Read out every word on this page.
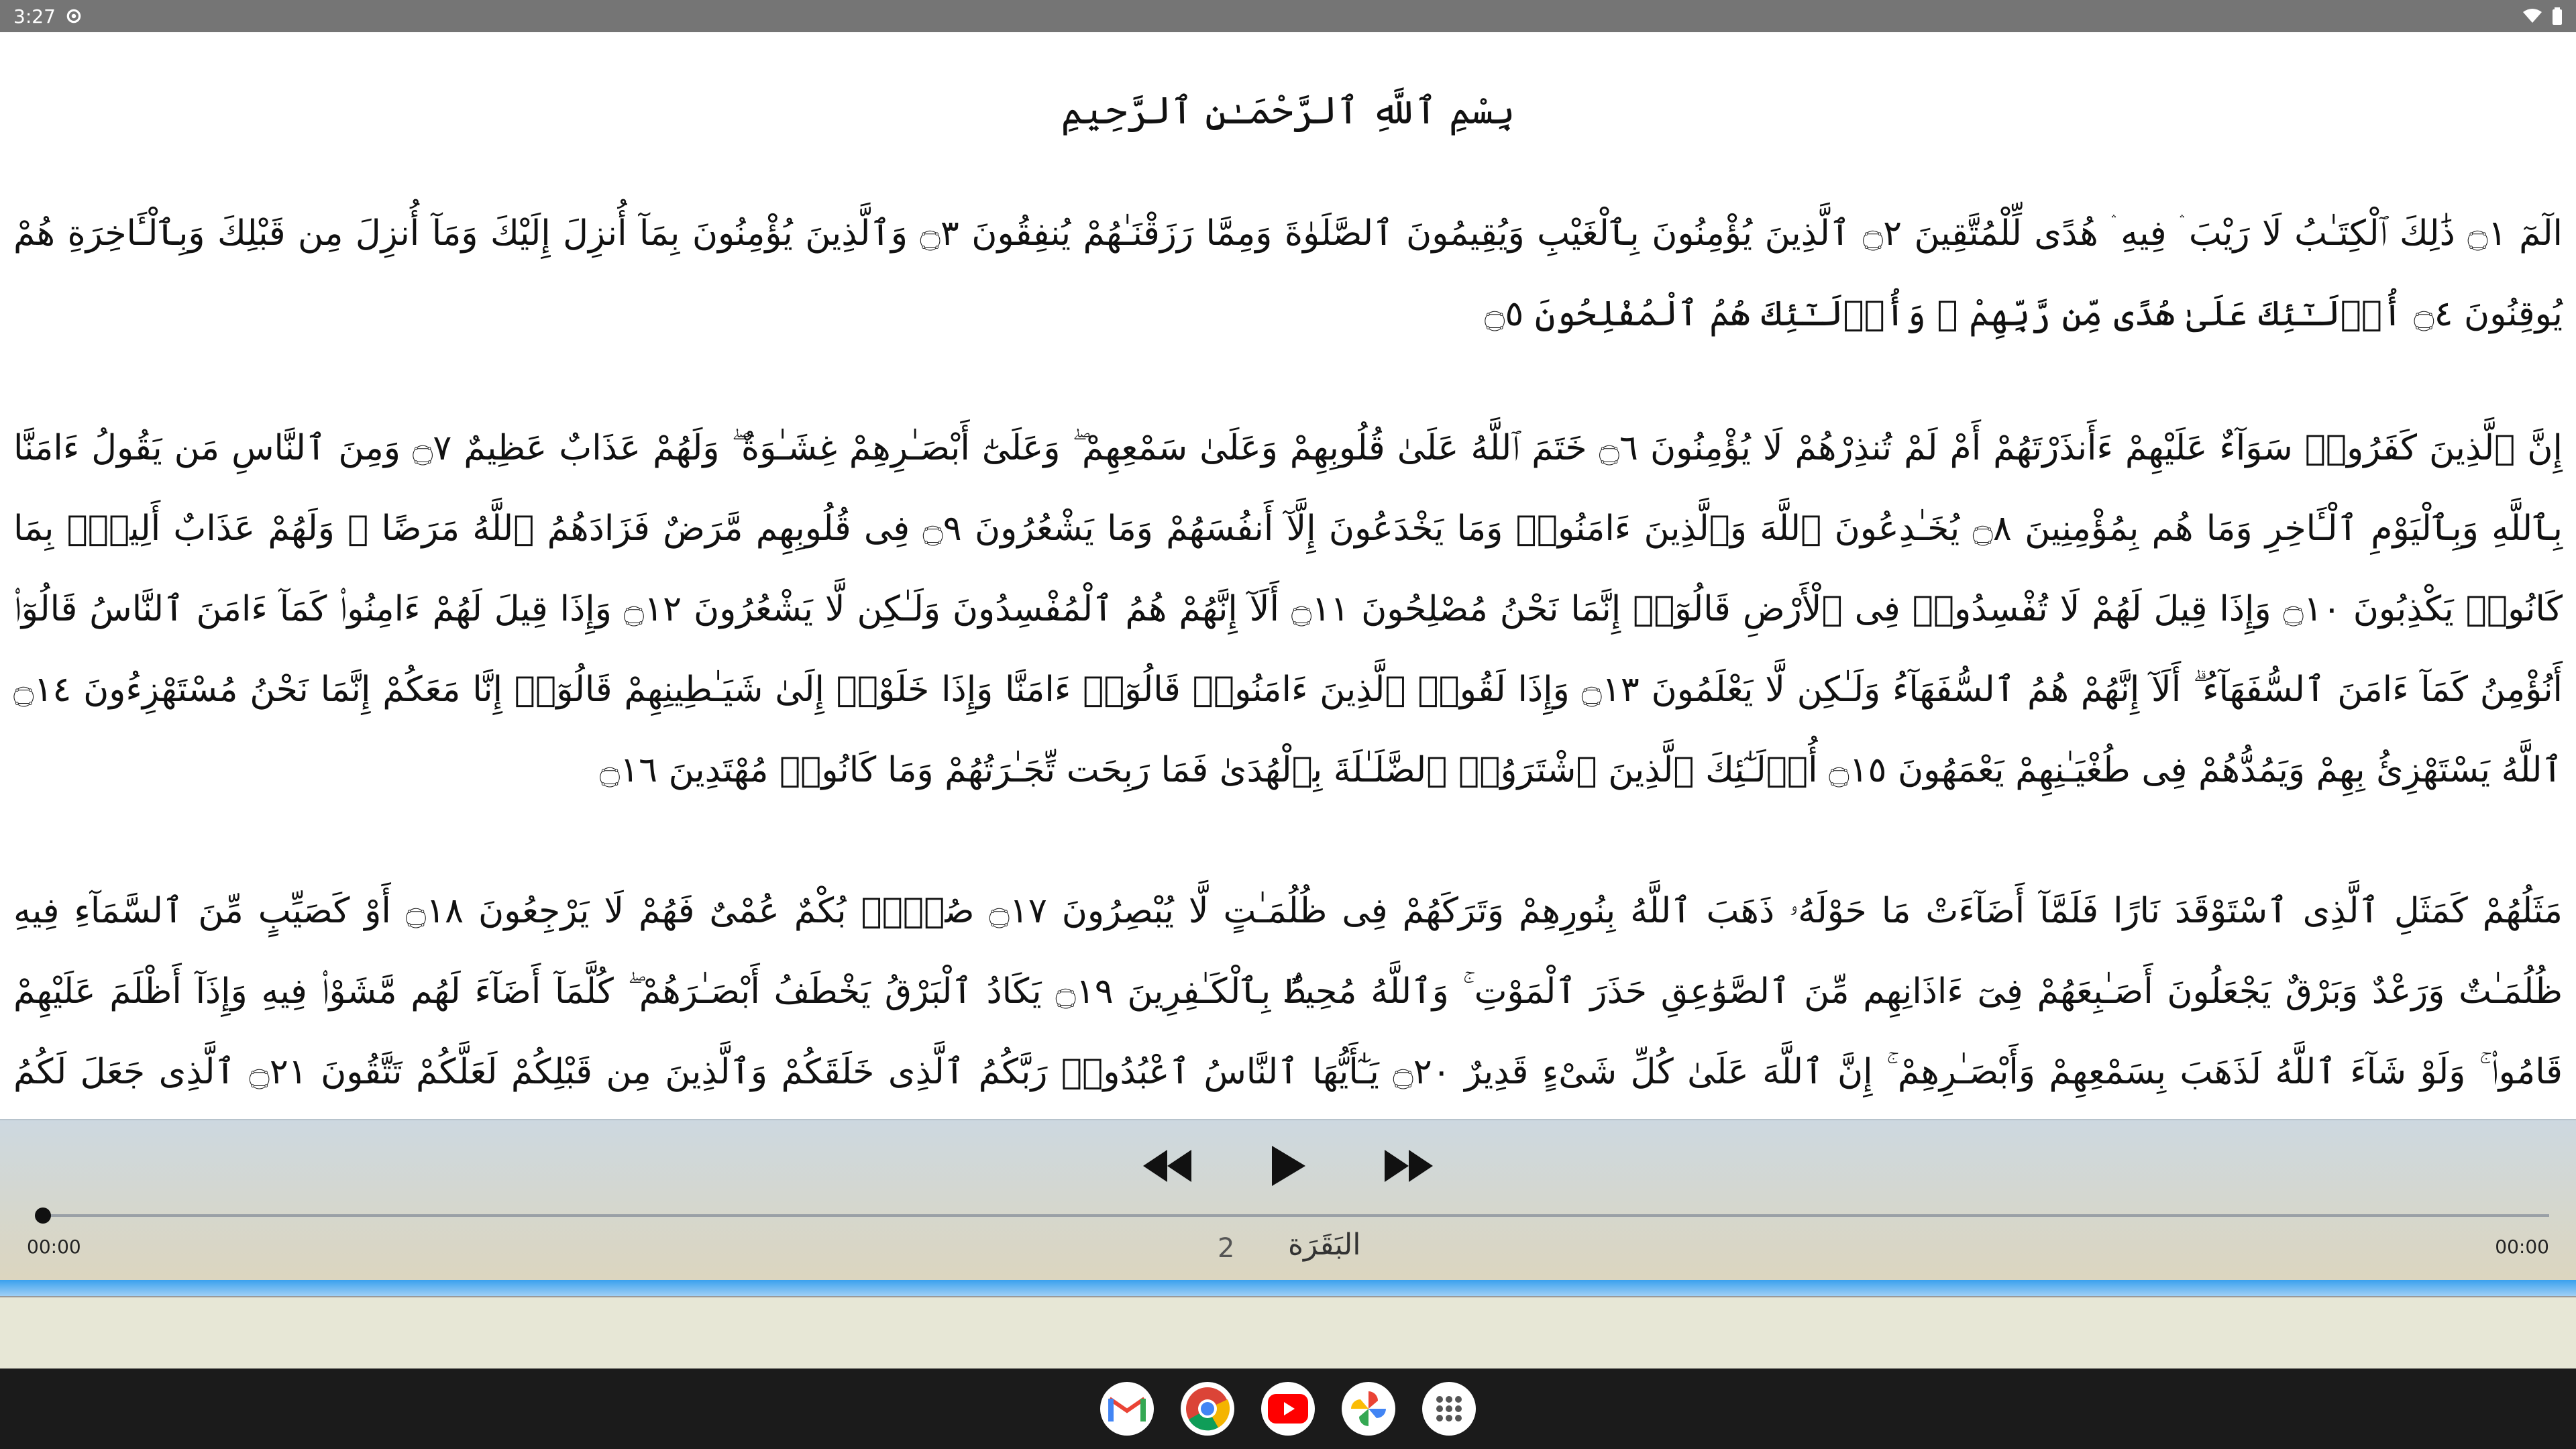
3:27
بِسْمِ ٱللَّهِ ٱلرَّحْمَـٰنِ ٱلرَّحِيمِ
الٓمٓ ۝١ ذَٰلِكَ ٱلْكِتَـٰبُ لَا رَيْبَ ۛ فِيهِ ۛ هُدًى لِّلْمُتَّقِينَ ۝٢ ٱلَّذِينَ يُؤْمِنُونَ بِٱلْغَيْبِ وَيُقِيمُونَ ٱلصَّلَوٰةَ وَمِمَّا رَزَقْنَـٰهُمْ يُنفِقُونَ ۝٣ وَٱلَّذِينَ يُؤْمِنُونَ بِمَآ أُنزِلَ إِلَيْكَ وَمَآ أُنزِلَ مِن قَبْلِكَ وَبِٱلْـَٔاخِرَةِ هُمْ يُوقِنُونَ ۝٤ أُو۟لَـٰٓئِكَ عَلَىٰ هُدًى مِّن رَّبِّهِمْ ۖ وَأُو۟لَـٰٓئِكَ هُمُ ٱلْمُفْلِحُونَ ۝٥
إِنَّ ٱلَّذِينَ كَفَرُوا۟ سَوَآءٌ عَلَيْهِمْ ءَأَنذَرْتَهُمْ أَمْ لَمْ تُنذِرْهُمْ لَا يُؤْمِنُونَ ۝٦ خَتَمَ ٱللَّهُ عَلَىٰ قُلُوبِهِمْ وَعَلَىٰ سَمْعِهِمْ ۖ وَعَلَىٰٓ أَبْصَـٰرِهِمْ غِشَـٰوَةٌ ۖ وَلَهُمْ عَذَابٌ عَظِيمٌ ۝٧ وَمِنَ ٱلنَّاسِ مَن يَقُولُ ءَامَنَّا بِٱللَّهِ وَبِٱلْيَوْمِ ٱلْـَٔاخِرِ وَمَا هُم بِمُؤْمِنِينَ ۝٨ يُخَـٰدِعُونَ ٱللَّهَ وَٱلَّذِينَ ءَامَنُوا۟ وَمَا يَخْدَعُونَ إِلَّآ أَنفُسَهُمْ وَمَا يَشْعُرُونَ ۝٩ فِى قُلُوبِهِم مَّرَضٌ فَزَادَهُمُ ٱللَّهُ مَرَضًا ۖ وَلَهُمْ عَذَابٌ أَلِيمٌۢ بِمَا كَانُوا۟ يَكْذِبُونَ ۝١٠ وَإِذَا قِيلَ لَهُمْ لَا تُفْسِدُوا۟ فِى ٱلْأَرْضِ قَالُوٓا۟ إِنَّمَا نَحْنُ مُصْلِحُونَ ۝١١ أَلَآ إِنَّهُمْ هُمُ ٱلْمُفْسِدُونَ وَلَـٰكِن لَّا يَشْعُرُونَ ۝١٢ وَإِذَا قِيلَ لَهُمْ ءَامِنُوا۟ كَمَآ ءَامَنَ ٱلنَّاسُ قَالُوٓا۟ أَنُؤْمِنُ كَمَآ ءَامَنَ ٱلسُّفَهَآءُ ۗ أَلَآ إِنَّهُمْ هُمُ ٱلسُّفَهَآءُ وَلَـٰكِن لَّا يَعْلَمُونَ ۝١٣ وَإِذَا لَقُوا۟ ٱلَّذِينَ ءَامَنُوا۟ قَالُوٓا۟ ءَامَنَّا وَإِذَا خَلَوْا۟ إِلَىٰ شَيَـٰطِينِهِمْ قَالُوٓا۟ إِنَّا مَعَكُمْ إِنَّمَا نَحْنُ مُسْتَهْزِءُونَ ۝١٤ ٱللَّهُ يَسْتَهْزِئُ بِهِمْ وَيَمُدُّهُمْ فِى طُغْيَـٰنِهِمْ يَعْمَهُونَ ۝١٥ أُو۟لَـٰٓئِكَ ٱلَّذِينَ ٱشْتَرَوُا۟ ٱلضَّلَـٰلَةَ بِٱلْهُدَىٰ فَمَا رَبِحَت تِّجَـٰرَتُهُمْ وَمَا كَانُوا۟ مُهْتَدِينَ ۝١٦
مَثَلُهُمْ كَمَثَلِ ٱلَّذِى ٱسْتَوْقَدَ نَارًا فَلَمَّآ أَضَآءَتْ مَا حَوْلَهُۥ ذَهَبَ ٱللَّهُ بِنُورِهِمْ وَتَرَكَهُمْ فِى ظُلُمَـٰتٍ لَّا يُبْصِرُونَ ۝١٧ صُمٌّۢ بُكْمٌ عُمْىٌ فَهُمْ لَا يَرْجِعُونَ ۝١٨ أَوْ كَصَيِّبٍ مِّنَ ٱلسَّمَآءِ فِيهِ ظُلُمَـٰتٌ وَرَعْدٌ وَبَرْقٌ يَجْعَلُونَ أَصَـٰبِعَهُمْ فِىٓ ءَاذَانِهِم مِّنَ ٱلصَّوَٰعِقِ حَذَرَ ٱلْمَوْتِ ۚ وَٱللَّهُ مُحِيطٌۢ بِٱلْكَـٰفِرِينَ ۝١٩ يَكَادُ ٱلْبَرْقُ يَخْطَفُ أَبْصَـٰرَهُمْ ۖ كُلَّمَآ أَضَآءَ لَهُم مَّشَوْا۟ فِيهِ وَإِذَآ أَظْلَمَ عَلَيْهِمْ قَامُوا۟ ۚ وَلَوْ شَآءَ ٱللَّهُ لَذَهَبَ بِسَمْعِهِمْ وَأَبْصَـٰرِهِمْ ۚ إِنَّ ٱللَّهَ عَلَىٰ كُلِّ شَىْءٍ قَدِيرٌ ۝٢٠ يَـٰٓأَيُّهَا ٱلنَّاسُ ٱعْبُدُوا۟ رَبَّكُمُ ٱلَّذِى خَلَقَكُمْ وَٱلَّذِينَ مِن قَبْلِكُمْ لَعَلَّكُمْ تَتَّقُونَ ۝٢١ ٱلَّذِى جَعَلَ لَكُمُ
00:00	2 البَقَرَة	00:00
